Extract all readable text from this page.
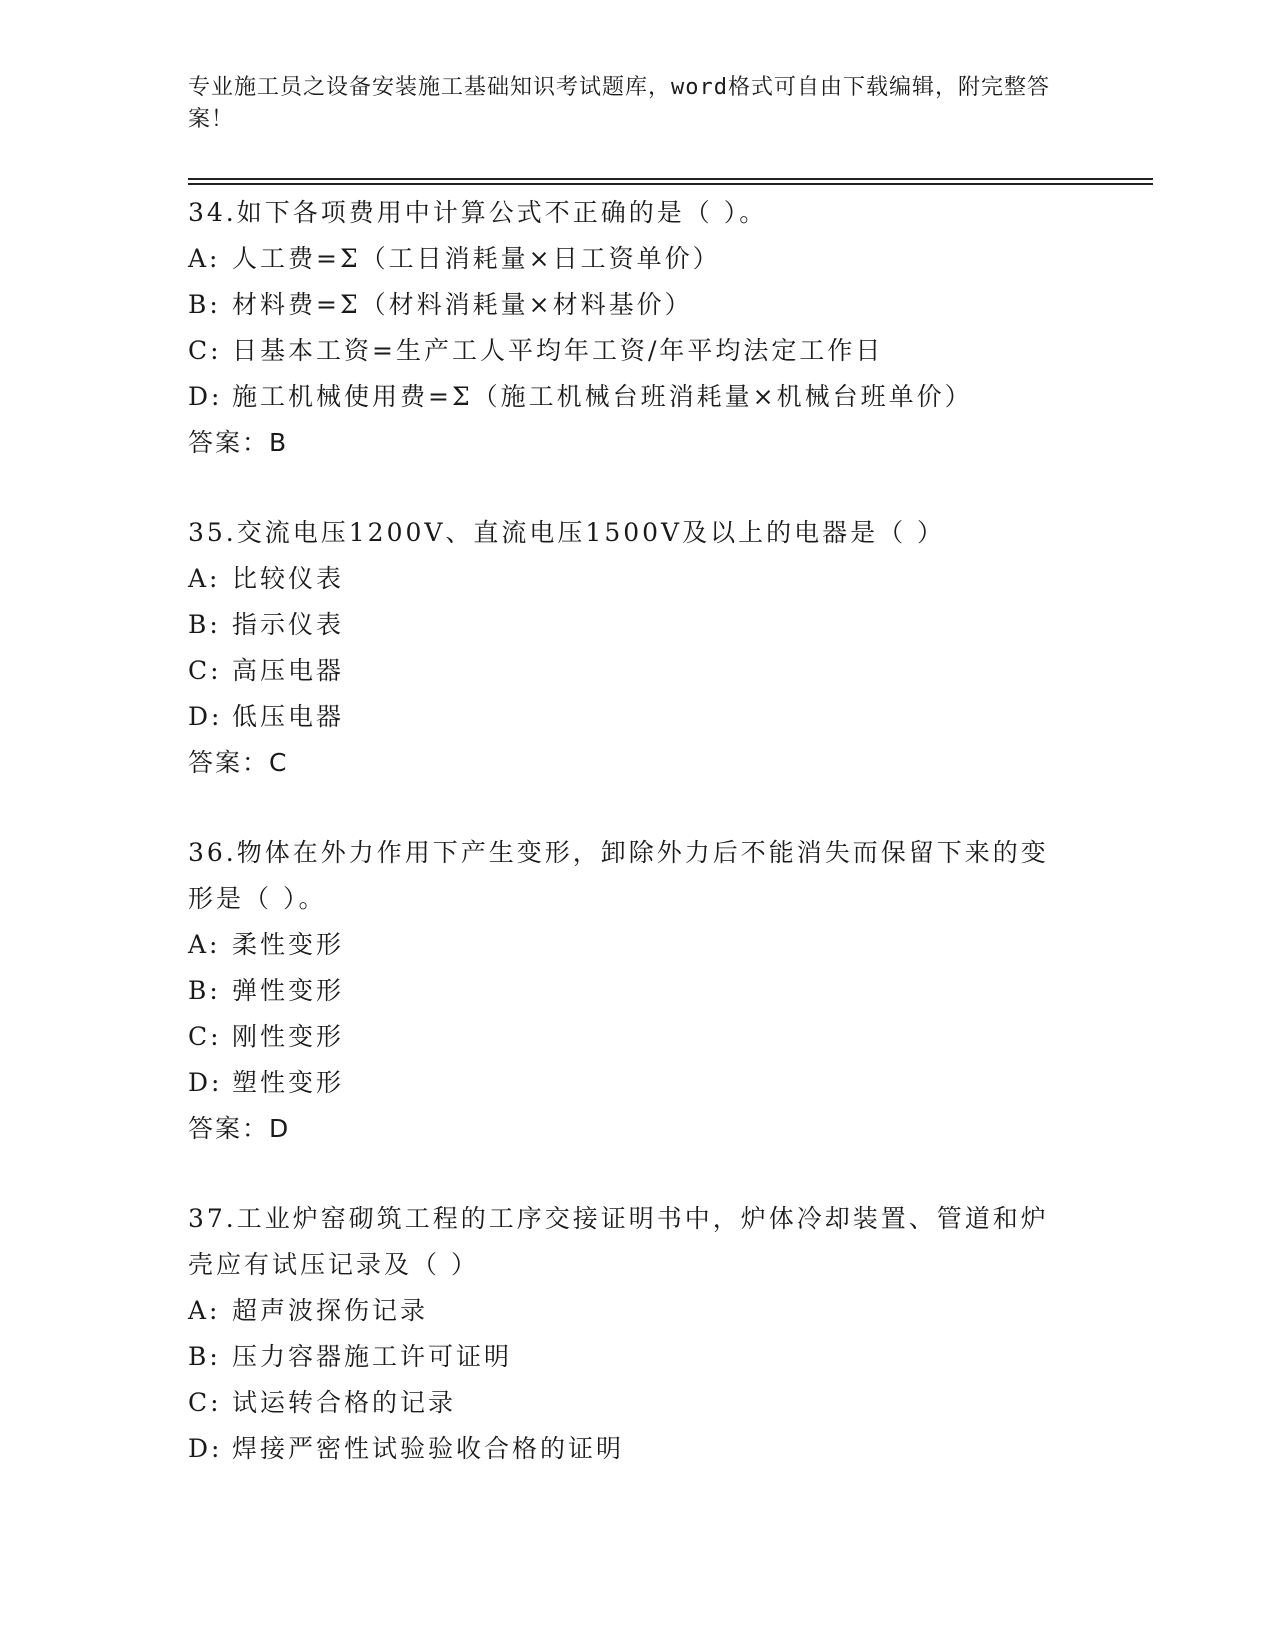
专业施工员之设备安装施工基础知识考试题库，word格式可自由下载编辑，附完整答案！
34.如下各项费用中计算公式不正确的是（ ）。
A: 人工费=Σ（工日消耗量×日工资单价）
B: 材料费=Σ（材料消耗量×材料基价）
C: 日基本工资=生产工人平均年工资/年平均法定工作日
D: 施工机械使用费=Σ（施工机械台班消耗量×机械台班单价）
答案：B
35.交流电压1200V、直流电压1500V及以上的电器是（ ）
A: 比较仪表
B: 指示仪表
C: 高压电器
D: 低压电器
答案：C
36.物体在外力作用下产生变形，卸除外力后不能消失而保留下来的变形是（ ）。
A: 柔性变形
B: 弹性变形
C: 刚性变形
D: 塑性变形
答案：D
37.工业炉窑砌筑工程的工序交接证明书中，炉体冷却装置、管道和炉壳应有试压记录及（ ）
A: 超声波探伤记录
B: 压力容器施工许可证明
C: 试运转合格的记录
D: 焊接严密性试验验收合格的证明
